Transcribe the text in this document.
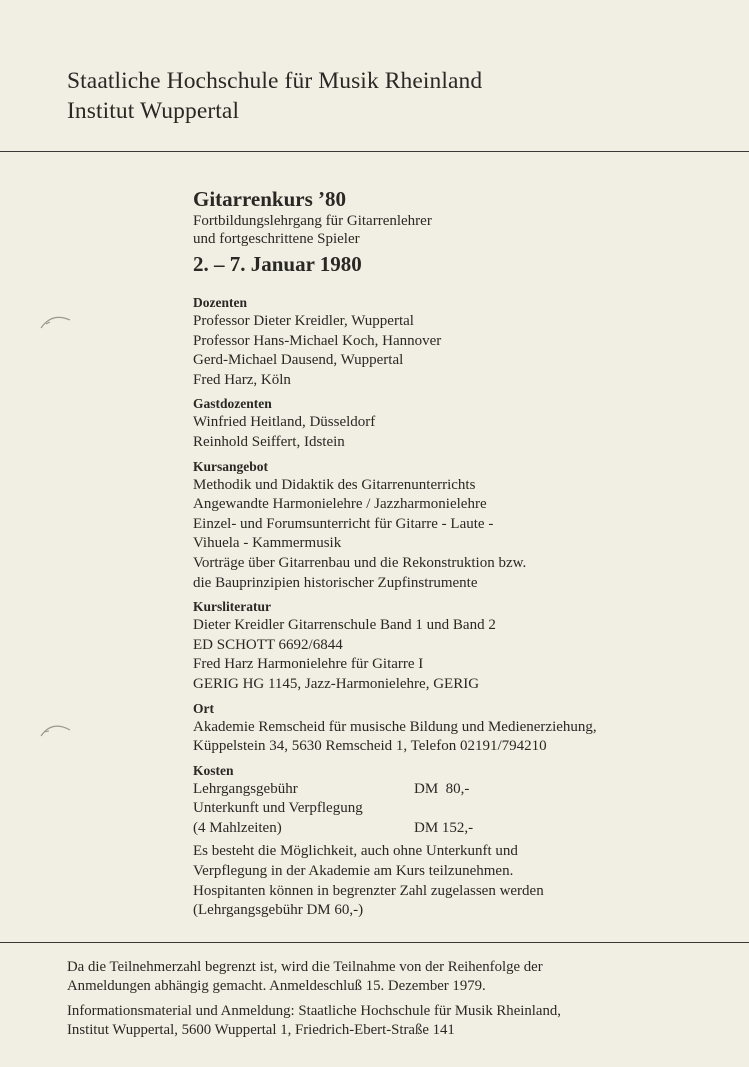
Staatliche Hochschule für Musik Rheinland
Institut Wuppertal
Gitarrenkurs ’80
Fortbildungslehrgang für Gitarrenlehrer
und fortgeschrittene Spieler
2. – 7. Januar 1980
Dozenten
Professor Dieter Kreidler, Wuppertal
Professor Hans-Michael Koch, Hannover
Gerd-Michael Dausend, Wuppertal
Fred Harz, Köln
Gastdozenten
Winfried Heitland, Düsseldorf
Reinhold Seiffert, Idstein
Kursangebot
Methodik und Didaktik des Gitarrenunterrichts
Angewandte Harmonielehre / Jazzharmonielehre
Einzel- und Forumsunterricht für Gitarre - Laute -
Vihuela - Kammermusik
Vorträge über Gitarrenbau und die Rekonstruktion bzw.
die Bauprinzipien historischer Zupfinstrumente
Kursliteratur
Dieter Kreidler Gitarrenschule Band 1 und Band 2
ED SCHOTT 6692/6844
Fred Harz Harmonielehre für Gitarre I
GERIG HG 1145, Jazz-Harmonielehre, GERIG
Ort
Akademie Remscheid für musische Bildung und Medienerziehung,
Küppelstein 34, 5630 Remscheid 1, Telefon 02191/794210
Kosten
Lehrgangsgebühr	DM  80,-
Unterkunft und Verpflegung	
(4 Mahlzeiten)	DM 152,-
Es besteht die Möglichkeit, auch ohne Unterkunft und
Verpflegung in der Akademie am Kurs teilzunehmen.
Hospitanten können in begrenzter Zahl zugelassen werden
(Lehrgangsgebühr DM 60,-)
Da die Teilnehmerzahl begrenzt ist, wird die Teilnahme von der Reihenfolge der
Anmeldungen abhängig gemacht. Anmeldeschluß 15. Dezember 1979.
Informationsmaterial und Anmeldung: Staatliche Hochschule für Musik Rheinland,
Institut Wuppertal, 5600 Wuppertal 1, Friedrich-Ebert-Straße 141
